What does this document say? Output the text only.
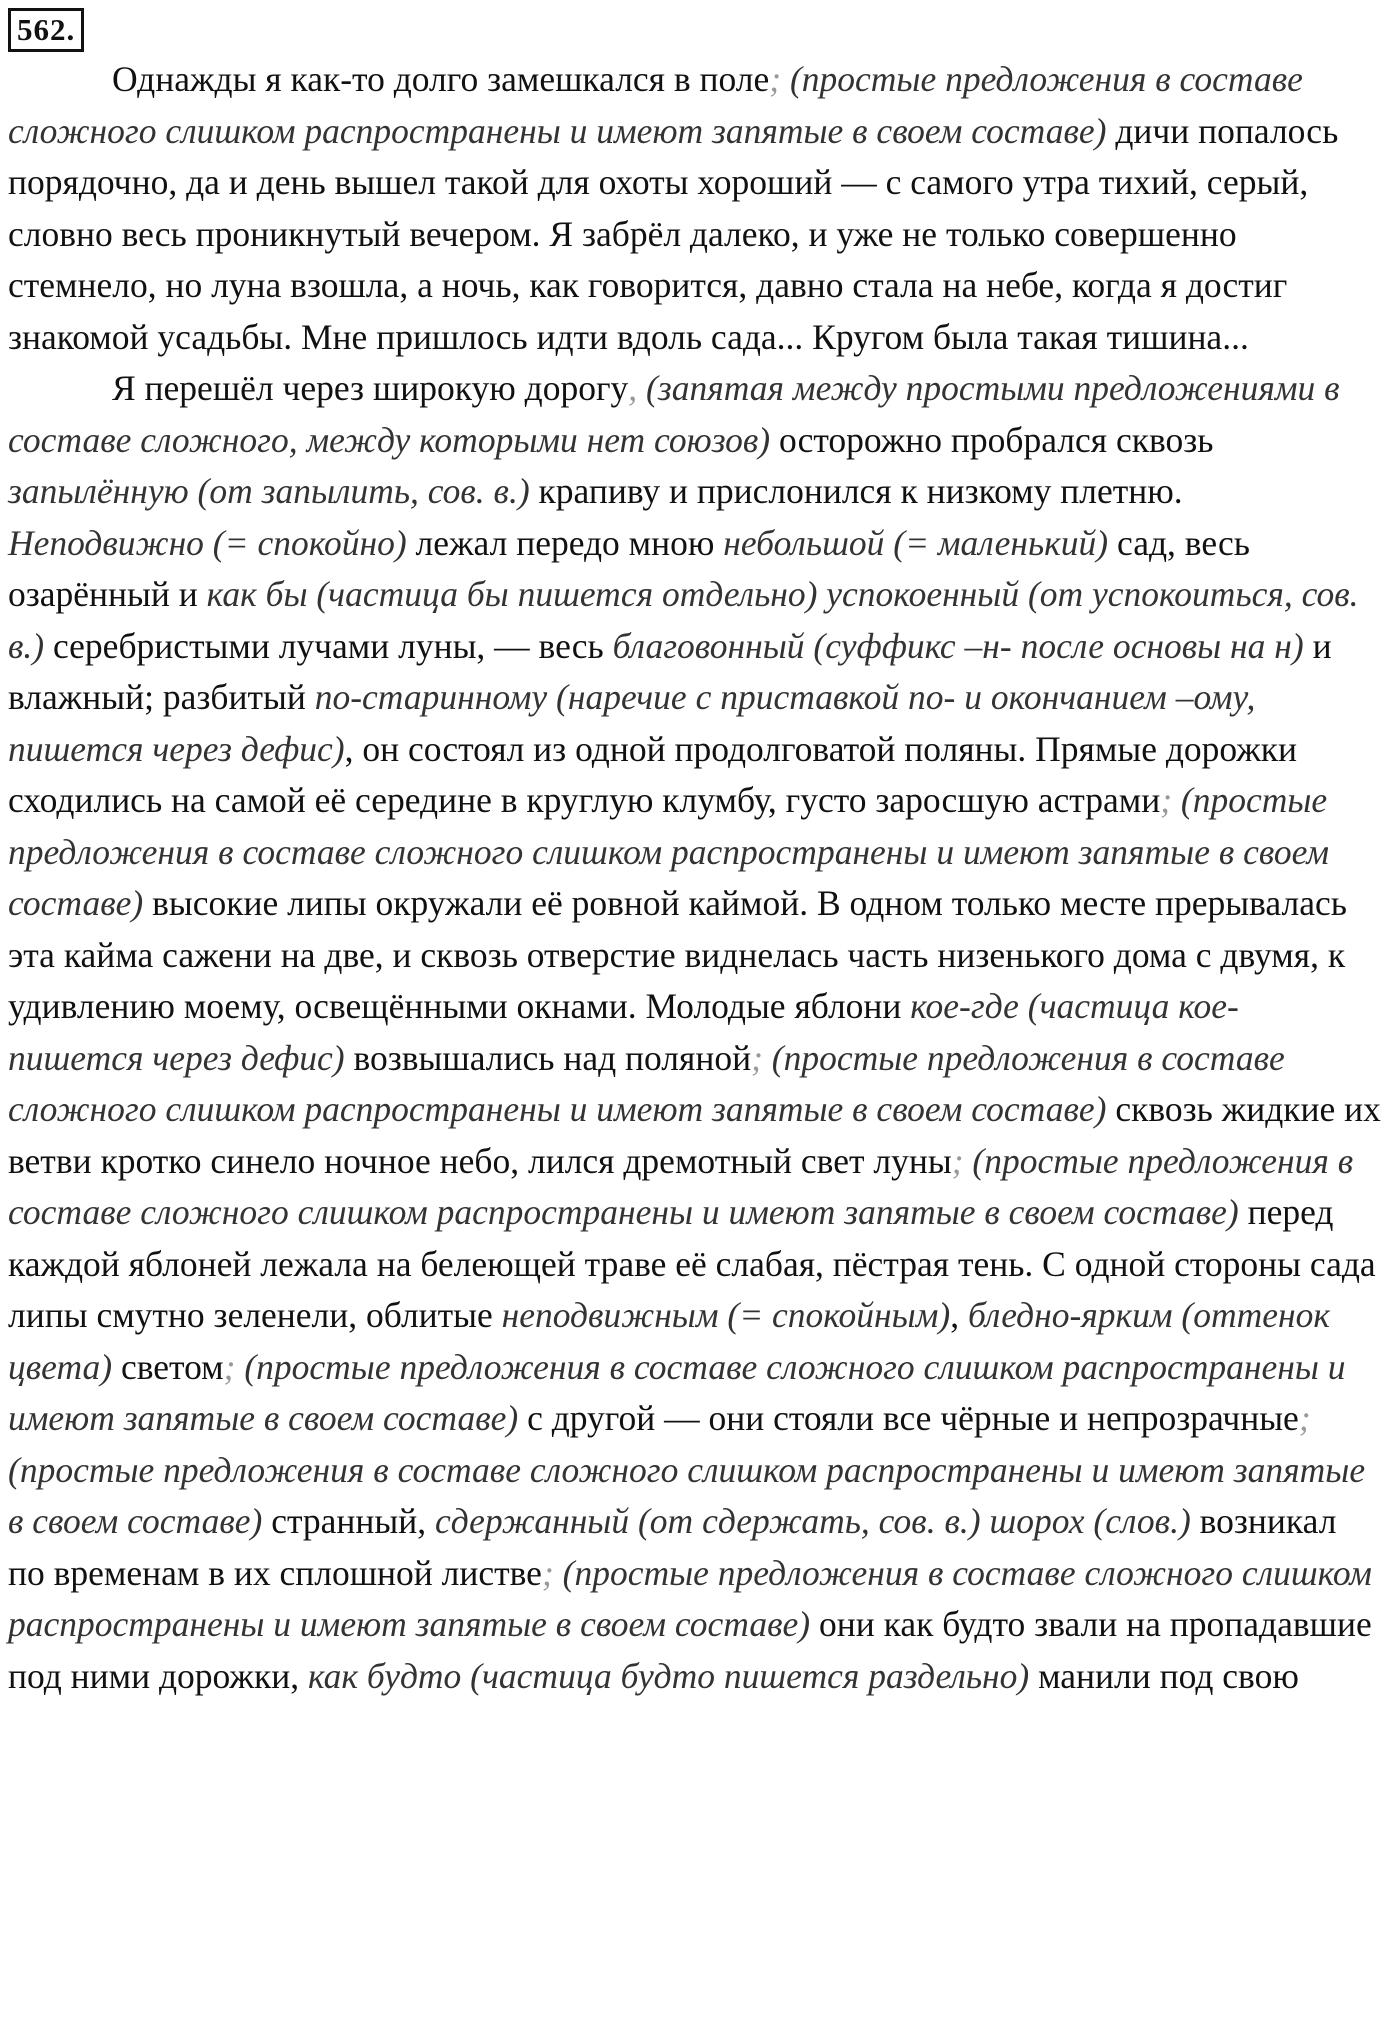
562.

Однажды я как-то долго замешкался в поле; (простые предложения в составе сложного слишком распространены и имеют запятые в своем составе) дичи попалось порядочно, да и день вышел такой для охоты хороший — с самого утра тихий, серый, словно весь проникнутый вечером. Я забрёл далеко, и уже не только совершенно стемнело, но луна взошла, а ночь, как говорится, давно стала на небе, когда я достиг знакомой усадьбы. Мне пришлось идти вдоль сада... Кругом была такая тишина...

Я перешёл через широкую дорогу, (запятая между простыми предложениями в составе сложного, между которыми нет союзов) осторожно пробрался сквозь запылённую (от запылить, сов. в.) крапиву и прислонился к низкому плетню. Неподвижно (= спокойно) лежал передо мною небольшой (= маленький) сад, весь озарённый и как бы (частица бы пишется отдельно) успокоенный (от успокоиться, сов. в.) серебристыми лучами луны, — весь благовонный (суффикс –н- после основы на н) и влажный; разбитый по-старинному (наречие с приставкой по- и окончанием –ому, пишется через дефис), он состоял из одной продолговатой поляны. Прямые дорожки сходились на самой её середине в круглую клумбу, густо заросшую астрами; (простые предложения в составе сложного слишком распространены и имеют запятые в своем составе) высокие липы окружали её ровной каймой. В одном только месте прерывалась эта кайма сажени на две, и сквозь отверстие виднелась часть низенького дома с двумя, к удивлению моему, освещёнными окнами. Молодые яблони кое-где (частица кое- пишется через дефис) возвышались над поляной; (простые предложения в составе сложного слишком распространены и имеют запятые в своем составе) сквозь жидкие их ветви кротко синело ночное небо, лился дремотный свет луны; (простые предложения в составе сложного слишком распространены и имеют запятые в своем составе) перед каждой яблоней лежала на белеющей траве её слабая, пёстрая тень. С одной стороны сада липы смутно зеленели, облитые неподвижным (= спокойным), бледно-ярким (оттенок цвета) светом; (простые предложения в составе сложного слишком распространены и имеют запятые в своем составе) с другой — они стояли все чёрные и непрозрачные; (простые предложения в составе сложного слишком распространены и имеют запятые в своем составе) странный, сдержанный (от сдержать, сов. в.) шорох (слов.) возникал по временам в их сплошной листве; (простые предложения в составе сложного слишком распространены и имеют запятые в своем составе) они как будто звали на пропадавшие под ними дорожки, как будто (частица будто пишется раздельно) манили под свою
